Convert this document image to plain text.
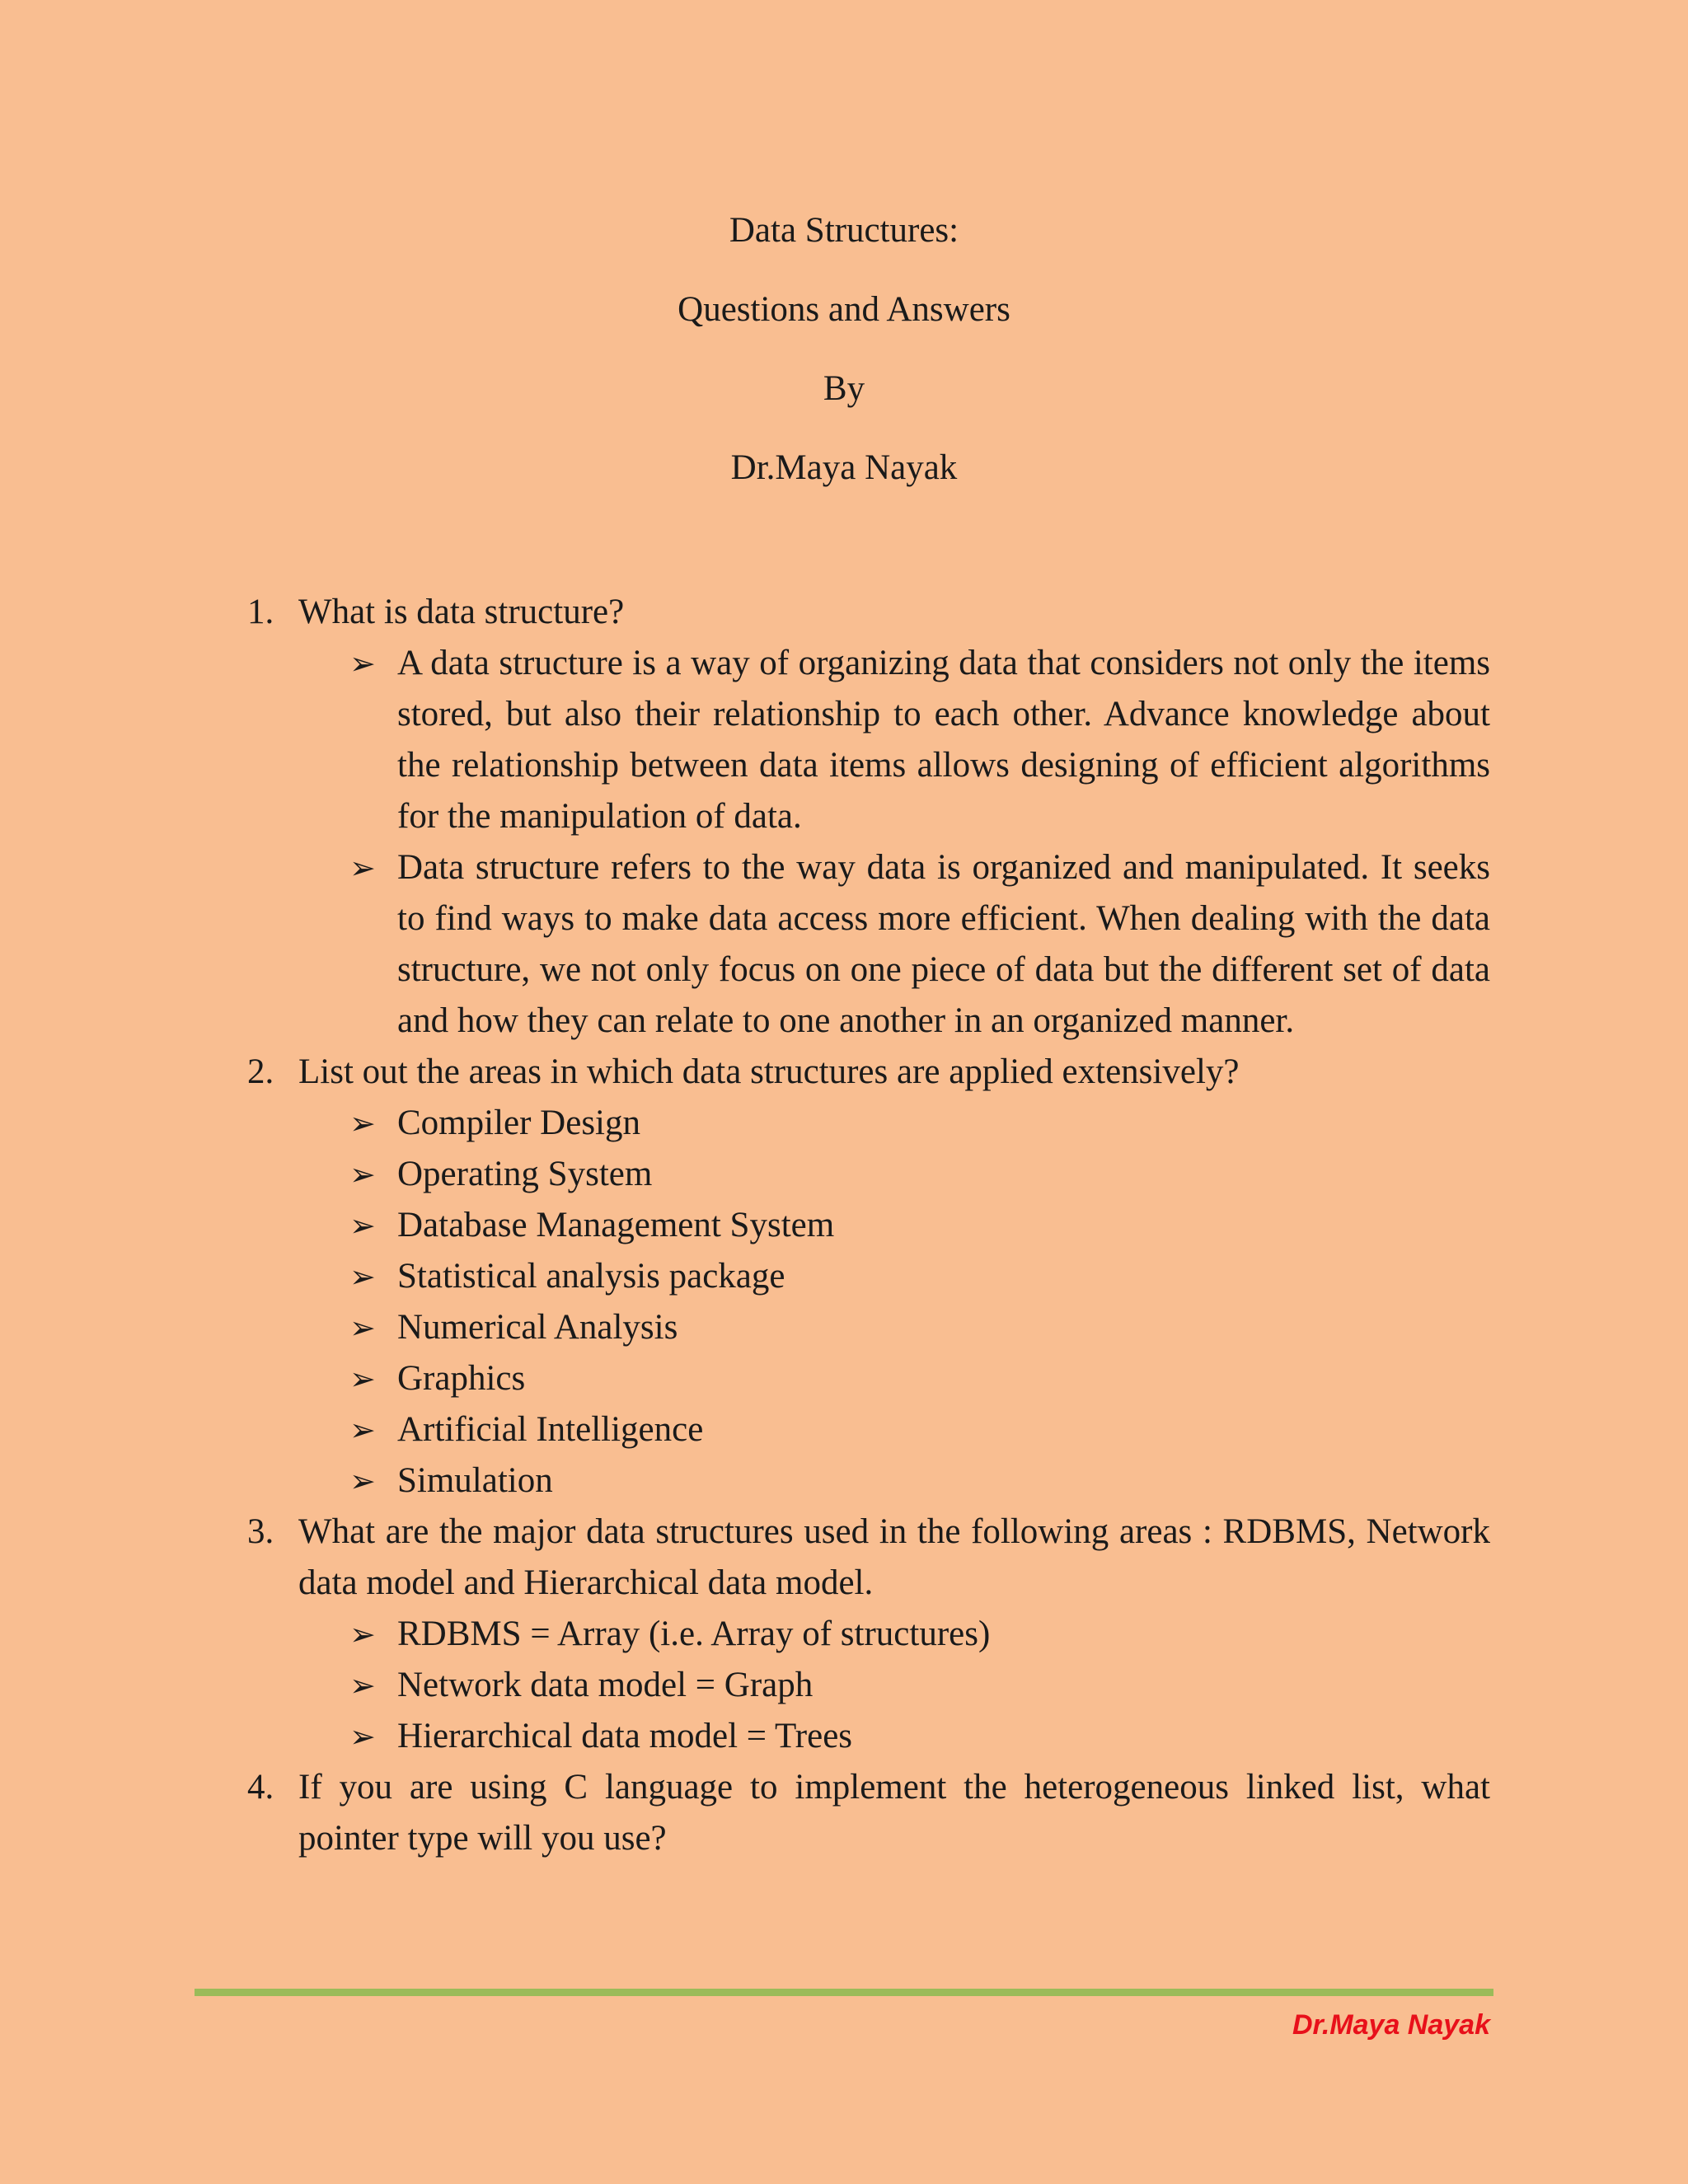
Data Structures:
Questions and Answers
By
Dr.Maya Nayak
1. What is data structure?
➢ A data structure is a way of organizing data that considers not only the items stored, but also their relationship to each other. Advance knowledge about the relationship between data items allows designing of efficient algorithms for the manipulation of data.
➢ Data structure refers to the way data is organized and manipulated. It seeks to find ways to make data access more efficient. When dealing with the data structure, we not only focus on one piece of data but the different set of data and how they can relate to one another in an organized manner.
2. List out the areas in which data structures are applied extensively?
➢ Compiler Design
➢ Operating System
➢ Database Management System
➢ Statistical analysis package
➢ Numerical Analysis
➢ Graphics
➢ Artificial Intelligence
➢ Simulation
3. What are the major data structures used in the following areas : RDBMS, Network data model and Hierarchical data model.
➢ RDBMS = Array (i.e. Array of structures)
➢ Network data model = Graph
➢ Hierarchical data model = Trees
4. If you are using C language to implement the heterogeneous linked list, what pointer type will you use?
Dr.Maya Nayak
